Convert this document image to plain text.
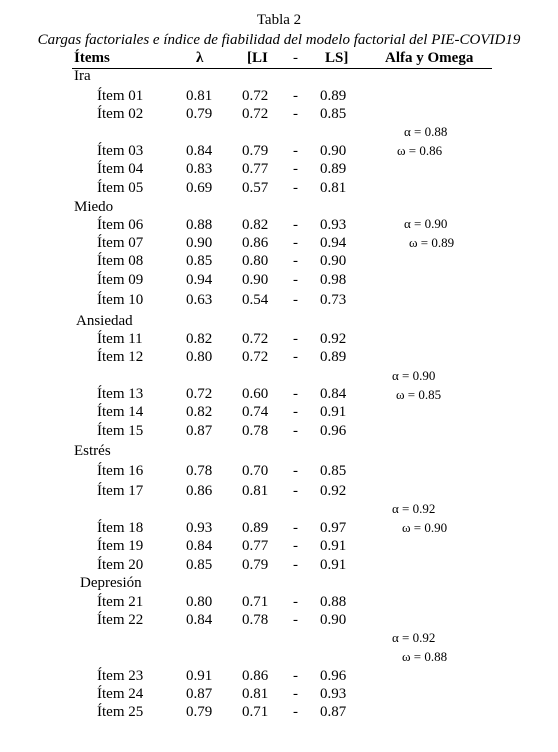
Tabla 2
Cargas factoriales e índice de fiabilidad del modelo factorial del PIE-COVID19
Ítems	λ	[LI - LS] Alfa y Omega
Ira
α = 0.88
ω = 0.86
Ítem 01	0.81 0.72 - 0.89
Ítem 02	0.79 0.72 - 0.85
Ítem 03	0.84 0.79 - 0.90
Ítem 04	0.83 0.77 - 0.89
Ítem 05	0.69 0.57 - 0.81
Miedo
α = 0.90
ω = 0.89
Ítem 06	0.88 0.82 - 0.93
Ítem 07	0.90 0.86 - 0.94
Ítem 08	0.85 0.80 - 0.90
Ítem 09	0.94 0.90 - 0.98
Ítem 10	0.63 0.54 - 0.73
Ansiedad
α = 0.90
ω = 0.85
Ítem 11	0.82 0.72 - 0.92
Ítem 12	0.80 0.72 - 0.89
Ítem 13	0.72 0.60 - 0.84
Ítem 14	0.82 0.74 - 0.91
Ítem 15	0.87 0.78 - 0.96
Estrés
α = 0.92
ω = 0.90
Ítem 16	0.78 0.70 - 0.85
Ítem 17	0.86 0.81 - 0.92
Ítem 18	0.93 0.89 - 0.97
Ítem 19	0.84 0.77 - 0.91
Ítem 20	0.85 0.79 - 0.91
Depresión
α = 0.92
ω = 0.88
Ítem 21	0.80 0.71 - 0.88
Ítem 22	0.84 0.78 - 0.90
Ítem 23	0.91 0.86 - 0.96
Ítem 24	0.87 0.81 - 0.93
Ítem 25	0.79 0.71 - 0.87
